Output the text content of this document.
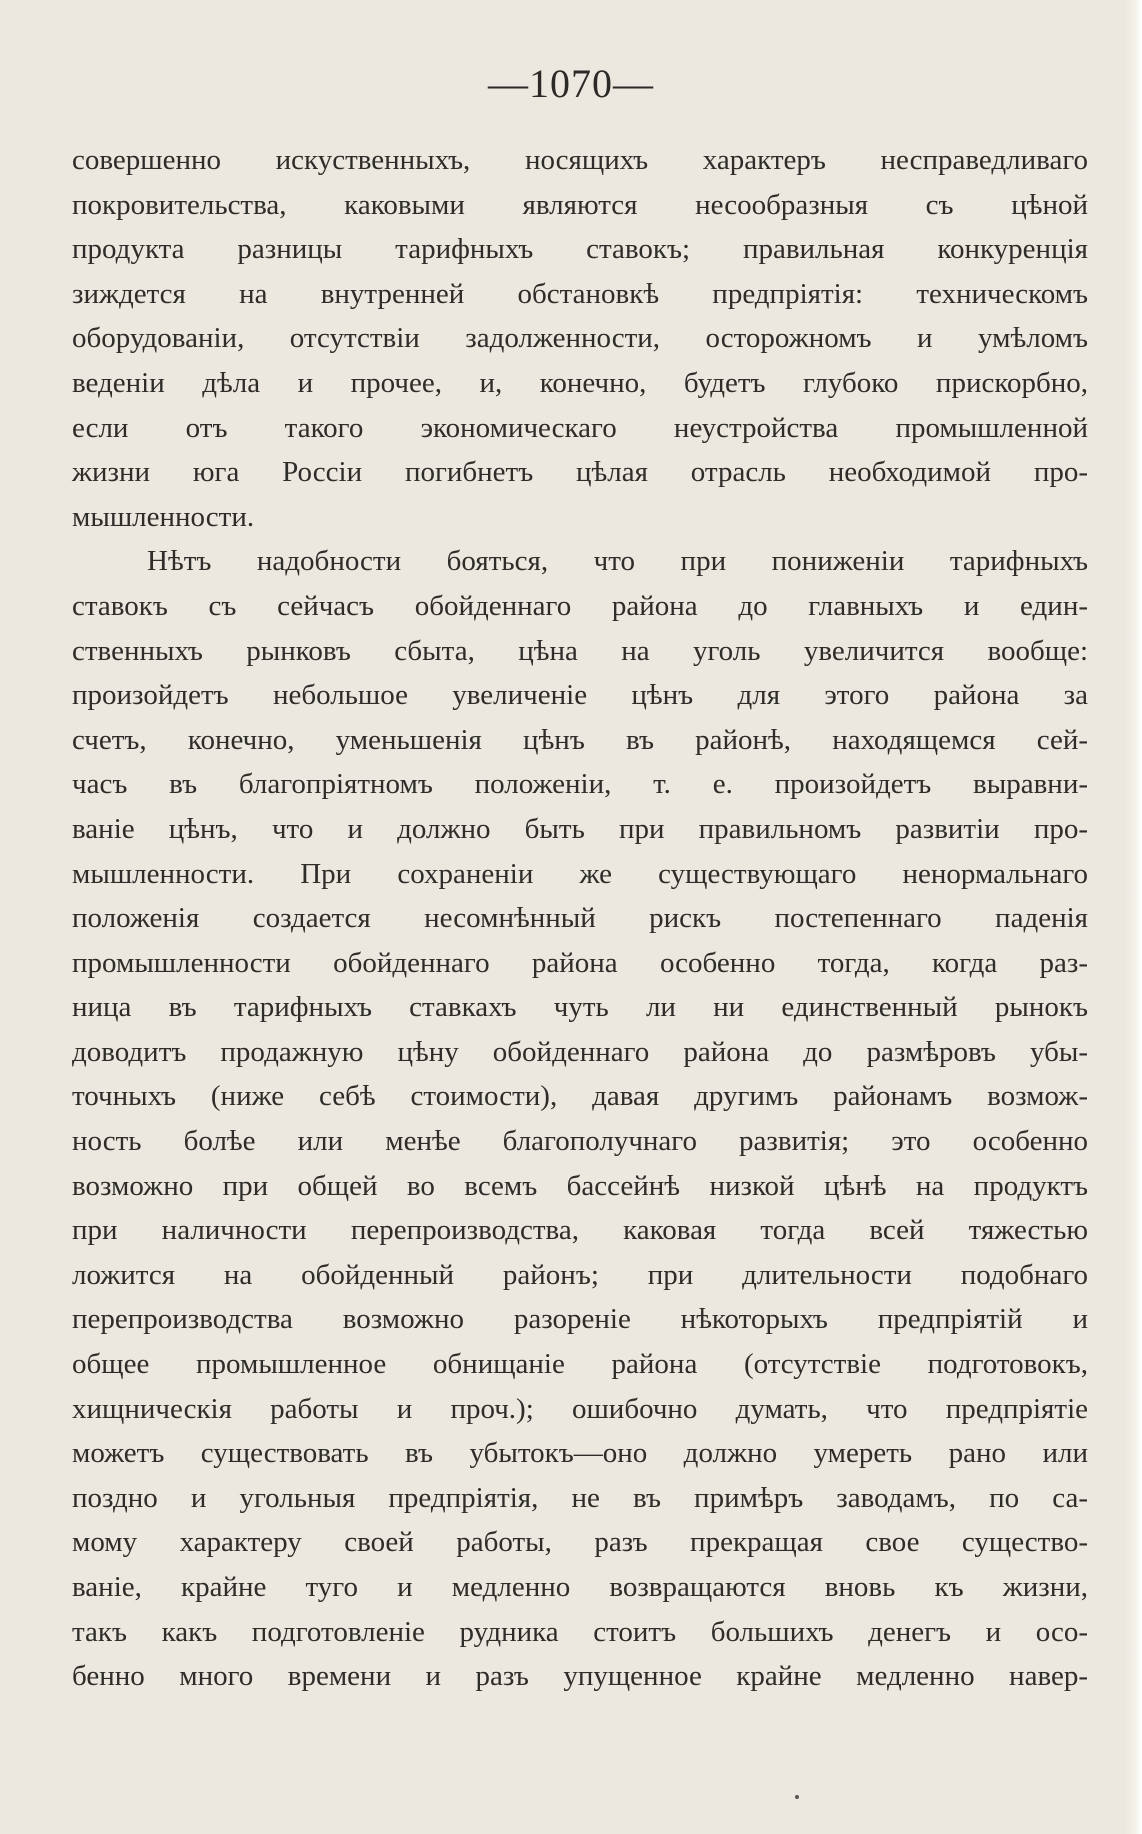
—1070—
совершенно искуственныхъ, носящихъ характеръ несправедливаго
покровительства, каковыми являются несообразныя съ цѣной
продукта разницы тарифныхъ ставокъ; правильная конкуренція
зиждется на внутренней обстановкѣ предпріятія: техническомъ
оборудованіи, отсутствіи задолженности, осторожномъ и умѣломъ
веденіи дѣла и прочее, и, конечно, будетъ глубоко прискорбно,
если отъ такого экономическаго неустройства промышленной
жизни юга Россіи погибнетъ цѣлая отрасль необходимой про-
мышленности.
Нѣтъ надобности бояться, что при пониженіи тарифныхъ
ставокъ съ сейчасъ обойденнаго района до главныхъ и един-
ственныхъ рынковъ сбыта, цѣна на уголь увеличится вообще:
произойдетъ небольшое увеличеніе цѣнъ для этого района за
счетъ, конечно, уменьшенія цѣнъ въ районѣ, находящемся сей-
часъ въ благопріятномъ положеніи, т. е. произойдетъ выравни-
ваніе цѣнъ, что и должно быть при правильномъ развитіи про-
мышленности. При сохраненіи же существующаго ненормальнаго
положенія создается несомнѣнный рискъ постепеннаго паденія
промышленности обойденнаго района особенно тогда, когда раз-
ница въ тарифныхъ ставкахъ чуть ли ни единственный рынокъ
доводитъ продажную цѣну обойденнаго района до размѣровъ убы-
точныхъ (ниже себѣ стоимости), давая другимъ районамъ возмож-
ность болѣе или менѣе благополучнаго развитія; это особенно
возможно при общей во всемъ бассейнѣ низкой цѣнѣ на продуктъ
при наличности перепроизводства, каковая тогда всей тяжестью
ложится на обойденный районъ; при длительности подобнаго
перепроизводства возможно разореніе нѣкоторыхъ предпріятій и
общее промышленное обнищаніе района (отсутствіе подготовокъ,
хищническія работы и проч.); ошибочно думать, что предпріятіе
можетъ существовать въ убытокъ—оно должно умереть рано или
поздно и угольныя предпріятія, не въ примѣръ заводамъ, по са-
мому характеру своей работы, разъ прекращая свое существо-
ваніе, крайне туго и медленно возвращаются вновь къ жизни,
такъ какъ подготовленіе рудника стоитъ большихъ денегъ и осо-
бенно много времени и разъ упущенное крайне медленно навер-
